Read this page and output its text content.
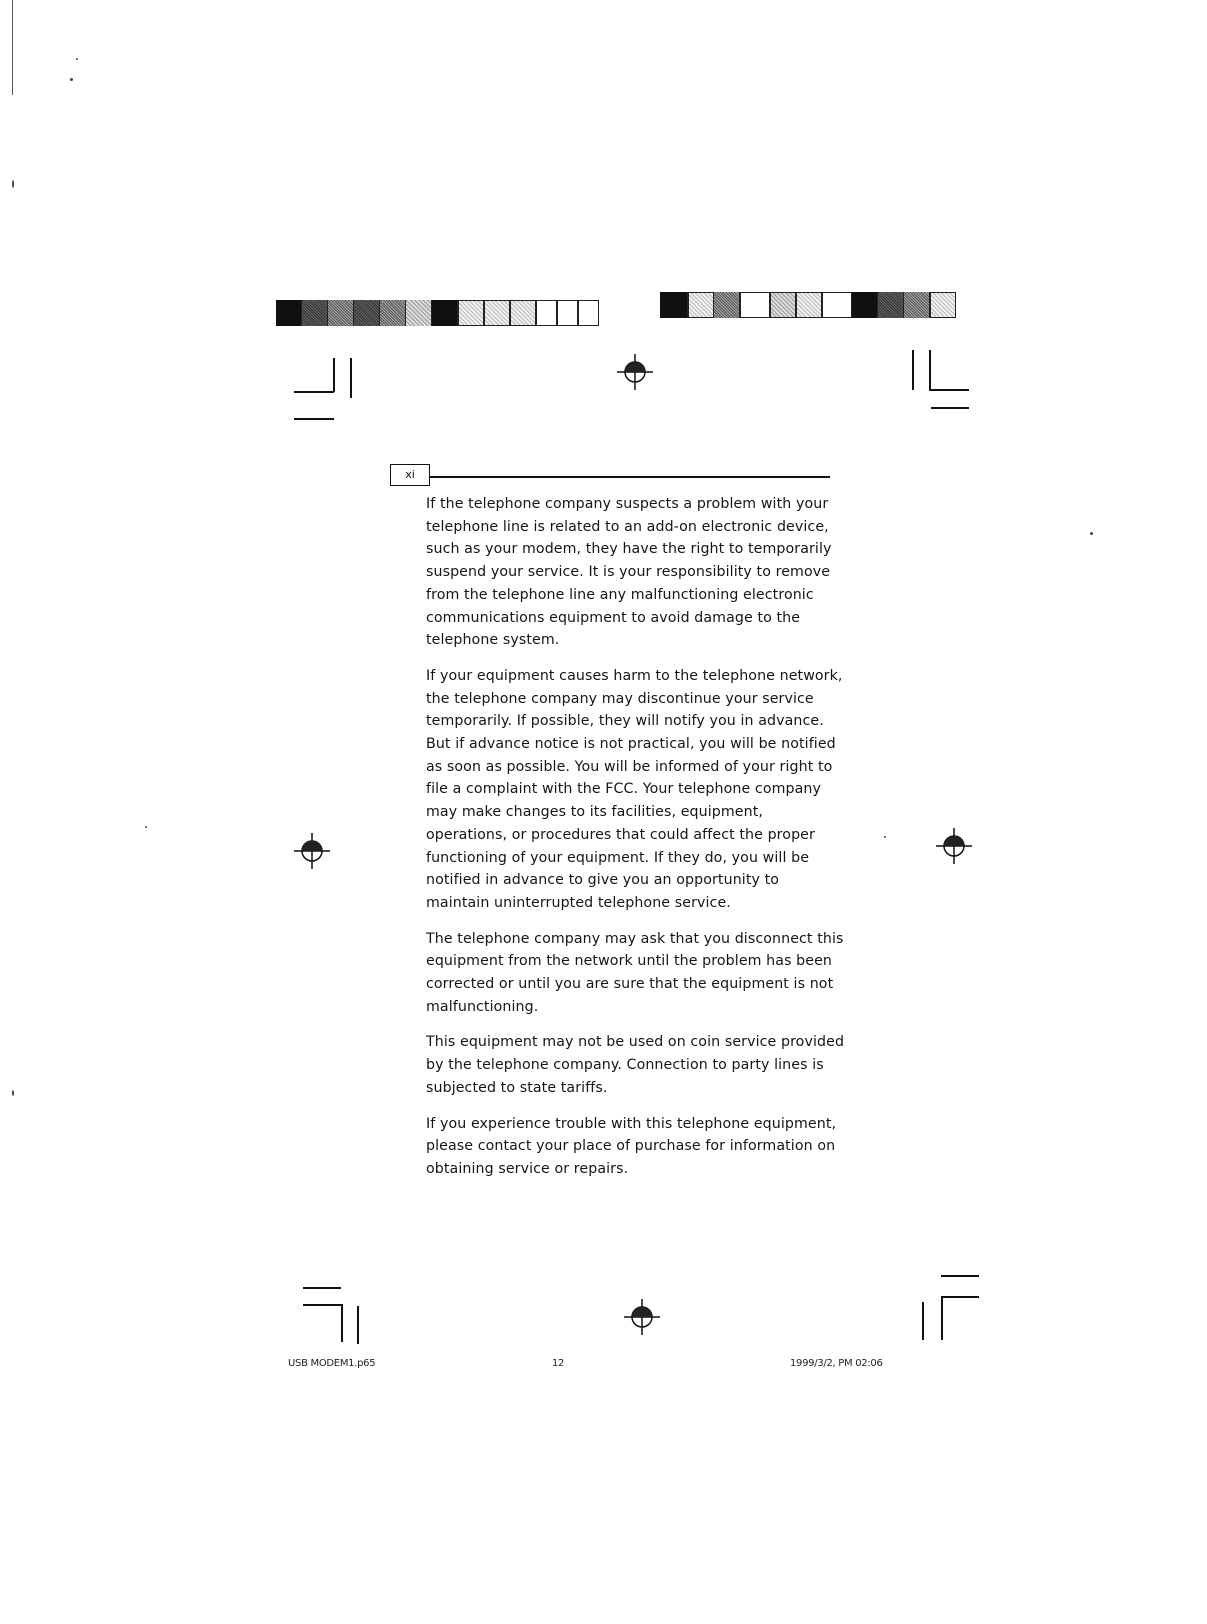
xi

If the telephone company suspects a problem with your telephone line is related to an add-on electronic device, such as your modem, they have the right to temporarily suspend your service. It is your responsibility to remove from the telephone line any malfunctioning electronic communications equipment to avoid damage to the telephone system.

If your equipment causes harm to the telephone network, the telephone company may discontinue your service temporarily. If possible, they will notify you in advance. But if advance notice is not practical, you will be notified as soon as possible. You will be informed of your right to file a complaint with the FCC. Your telephone company may make changes to its facilities, equipment, operations, or procedures that could affect the proper functioning of your equipment. If they do, you will be notified in advance to give you an opportunity to maintain uninterrupted telephone service.

The telephone company may ask that you disconnect this equipment from the network until the problem has been corrected or until you are sure that the equipment is not malfunctioning.

This equipment may not be used on coin service provided by the telephone company. Connection to party lines is subjected to state tariffs.

If you experience trouble with this telephone equipment, please contact your place of purchase for information on obtaining service or repairs.

USB MODEM1.p65	12	1999/3/2, PM 02:06
